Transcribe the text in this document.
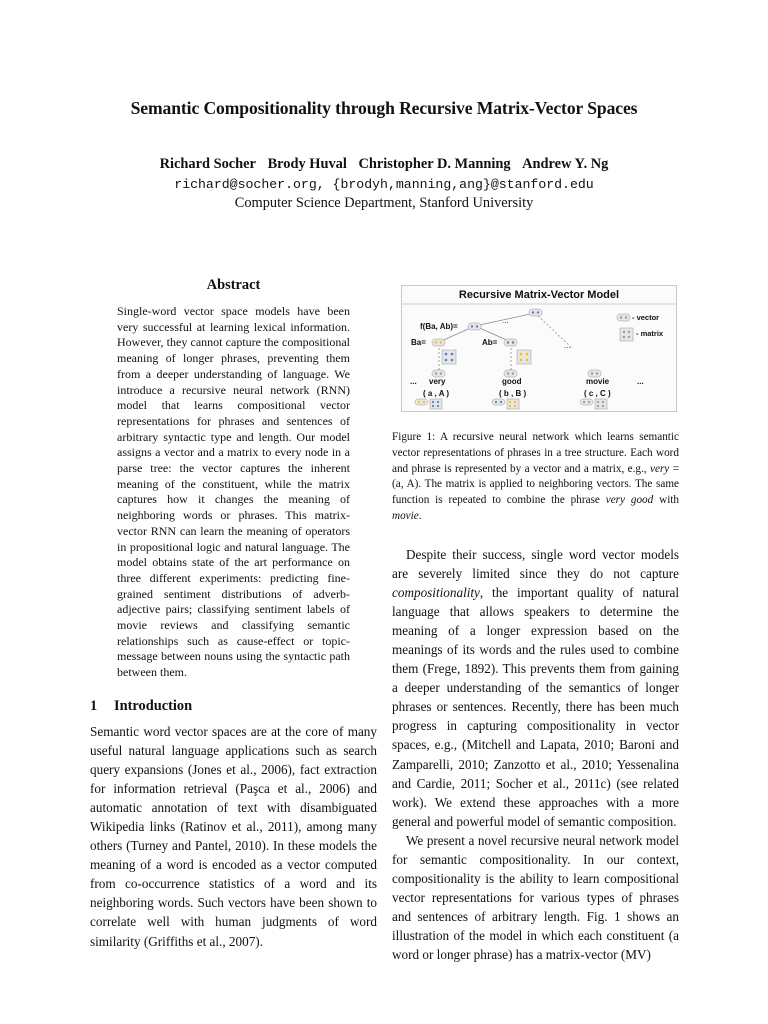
Semantic Compositionality through Recursive Matrix-Vector Spaces
Richard Socher Brody Huval Christopher D. Manning Andrew Y. Ng
richard@socher.org, {brodyh,manning,ang}@stanford.edu
Computer Science Department, Stanford University
Abstract
Single-word vector space models have been very successful at learning lexical information. However, they cannot capture the compositional meaning of longer phrases, preventing them from a deeper understanding of language. We introduce a recursive neural network (RNN) model that learns compositional vector representations for phrases and sentences of arbitrary syntactic type and length. Our model assigns a vector and a matrix to every node in a parse tree: the vector captures the inherent meaning of the constituent, while the matrix captures how it changes the meaning of neighboring words or phrases. This matrix-vector RNN can learn the meaning of operators in propositional logic and natural language. The model obtains state of the art performance on three different experiments: predicting fine-grained sentiment distributions of adverb-adjective pairs; classifying sentiment labels of movie reviews and classifying semantic relationships such as cause-effect or topic-message between nouns using the syntactic path between them.
1 Introduction

Semantic word vector spaces are at the core of many useful natural language applications such as search query expansions (Jones et al., 2006), fact extraction for information retrieval (Paşca et al., 2006) and automatic annotation of text with disambiguated Wikipedia links (Ratinov et al., 2011), among many others (Turney and Pantel, 2010). In these models the meaning of a word is encoded as a vector computed from co-occurrence statistics of a word and its neighboring words. Such vectors have been shown to correlate well with human judgments of word similarity (Griffiths et al., 2007).

Recursive Matrix-Vector Model
f(Ba, Ab)=
...
Ba=	Ab=	...
- vector
- matrix
... very	good	movie	...
( a , A )	( b , B )	( c , C )
Figure 1: A recursive neural network which learns semantic vector representations of phrases in a tree structure. Each word and phrase is represented by a vector and a matrix, e.g., very = (a, A). The matrix is applied to neighboring vectors. The same function is repeated to combine the phrase very good with movie.

Despite their success, single word vector models are severely limited since they do not capture compositionality, the important quality of natural language that allows speakers to determine the meaning of a longer expression based on the meanings of its words and the rules used to combine them (Frege, 1892). This prevents them from gaining a deeper understanding of the semantics of longer phrases or sentences. Recently, there has been much progress in capturing compositionality in vector spaces, e.g., (Mitchell and Lapata, 2010; Baroni and Zamparelli, 2010; Zanzotto et al., 2010; Yessenalina and Cardie, 2011; Socher et al., 2011c) (see related work). We extend these approaches with a more general and powerful model of semantic composition.

We present a novel recursive neural network model for semantic compositionality. In our context, compositionality is the ability to learn compositional vector representations for various types of phrases and sentences of arbitrary length. Fig. 1 shows an illustration of the model in which each constituent (a word or longer phrase) has a matrix-vector (MV)
